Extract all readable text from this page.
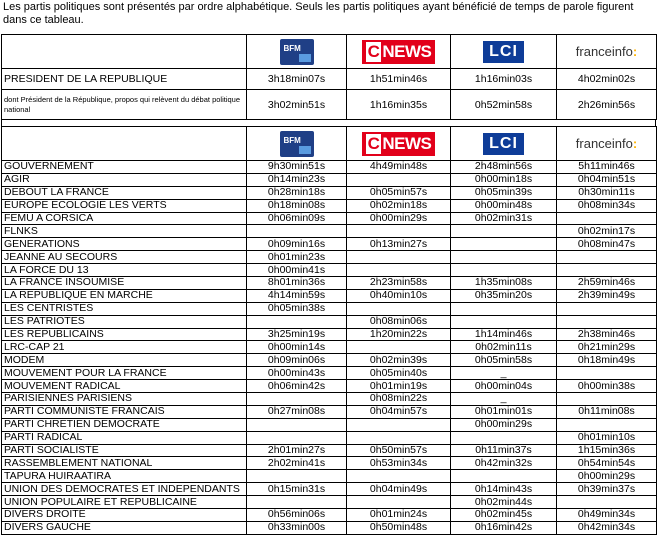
Les partis politiques sont présentés par ordre alphabétique. Seuls les partis politiques ayant bénéficié de temps de parole figurent dans ce tableau.

	BFM	C NEWS	LCI	franceinfo:
PRESIDENT DE LA REPUBLIQUE	3h18min07s	1h51min46s	1h16min03s	4h02min02s
dont Président de la République, propos qui relèvent du débat politique national	3h02min51s	1h16min35s	0h52min58s	2h26min56s

	BFM	C NEWS	LCI	franceinfo:
GOUVERNEMENT	9h30min51s	4h49min48s	2h48min56s	5h11min46s
AGIR	0h14min23s		0h00min18s	0h04min51s
DEBOUT LA FRANCE	0h28min18s	0h05min57s	0h05min39s	0h30min11s
EUROPE ECOLOGIE LES VERTS	0h18min08s	0h02min18s	0h00min48s	0h08min34s
FEMU A CORSICA	0h06min09s	0h00min29s	0h02min31s	
FLNKS				0h02min17s
GENERATIONS	0h09min16s	0h13min27s		0h08min47s
JEANNE AU SECOURS	0h01min23s			
LA FORCE DU 13	0h00min41s			
LA FRANCE INSOUMISE	8h01min36s	2h23min58s	1h35min08s	2h59min46s
LA REPUBLIQUE EN MARCHE	4h14min59s	0h40min10s	0h35min20s	2h39min49s
LES CENTRISTES	0h05min38s			
LES PATRIOTES		0h08min06s		
LES REPUBLICAINS	3h25min19s	1h20min22s	1h14min46s	2h38min46s
LRC-CAP 21	0h00min14s		0h02min11s	0h21min29s
MODEM	0h09min06s	0h02min39s	0h05min58s	0h18min49s
MOUVEMENT POUR LA FRANCE	0h00min43s	0h05min40s	_	
MOUVEMENT RADICAL	0h06min42s	0h01min19s	0h00min04s	0h00min38s
PARISIENNES PARISIENS		0h08min22s	_	
PARTI COMMUNISTE FRANCAIS	0h27min08s	0h04min57s	0h01min01s	0h11min08s
PARTI CHRETIEN DEMOCRATE			0h00min29s	
PARTI RADICAL				0h01min10s
PARTI SOCIALISTE	2h01min27s	0h50min57s	0h11min37s	1h15min36s
RASSEMBLEMENT NATIONAL	2h02min41s	0h53min34s	0h42min32s	0h54min54s
TAPURA HUIRAATIRA				0h00min29s
UNION DES DEMOCRATES ET INDEPENDANTS	0h15min31s	0h04min49s	0h14min43s	0h39min37s
UNION POPULAIRE ET REPUBLICAINE			0h02min44s	
DIVERS DROITE	0h56min06s	0h01min24s	0h02min45s	0h49min34s
DIVERS GAUCHE	0h33min00s	0h50min48s	0h16min42s	0h42min34s
